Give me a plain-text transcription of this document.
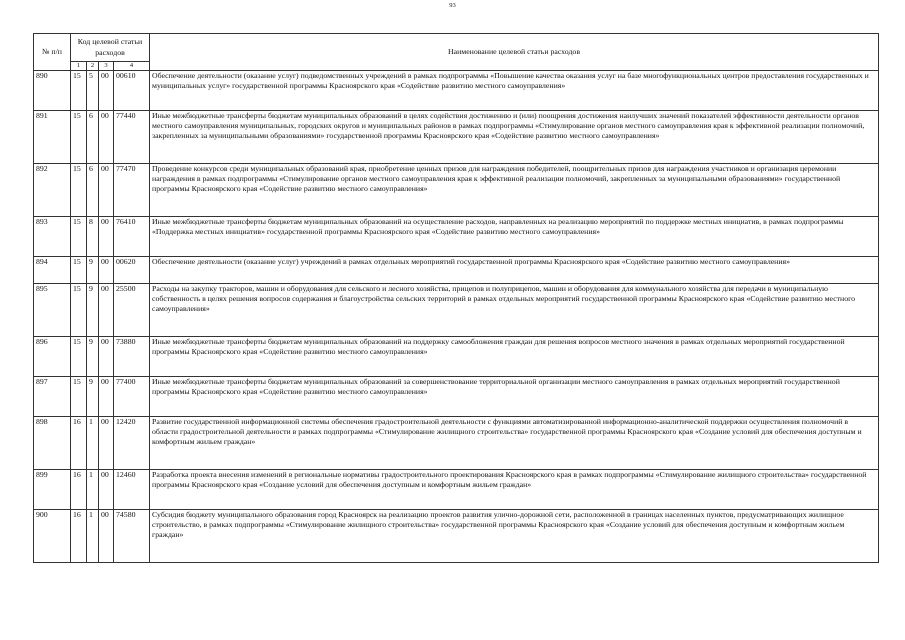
93
№ п/п	Код целевой статьи расходов				Наименование целевой статьи расходов
	1	2	3	4	
890	15	5	00	00610	Обеспечение деятельности (оказание услуг) подведомственных учреждений в рамках подпрограммы «Повышение качества оказания услуг на базе многофункциональных центров предоставления государственных и муниципальных услуг» государственной программы Красноярского края «Содействие развитию местного самоуправления»
891	15	6	00	77440	Иные межбюджетные трансферты бюджетам муниципальных образований в целях содействия достижению и (или) поощрения достижения наилучших значений показателей эффективности деятельности органов местного самоуправления муниципальных, городских округов и муниципальных районов в рамках подпрограммы «Стимулирование органов местного самоуправления края к эффективной реализации полномочий, закрепленных за муниципальными образованиями» государственной программы Красноярского края «Содействие развитию местного самоуправления»
892	15	6	00	77470	Проведение конкурсов среди муниципальных образований края, приобретение ценных призов для награждения победителей, поощрительных призов для награждения участников и организация церемонии награждения в рамках подпрограммы «Стимулирование органов местного самоуправления края к эффективной реализации полномочий, закрепленных за муниципальными образованиями» государственной программы Красноярского края «Содействие развитию местного самоуправления»
893	15	8	00	76410	Иные межбюджетные трансферты бюджетам муниципальных образований на осуществление расходов, направленных на реализацию мероприятий по поддержке местных инициатив, в рамках подпрограммы «Поддержка местных инициатив» государственной программы Красноярского края «Содействие развитию местного самоуправления»
894	15	9	00	00620	Обеспечение деятельности (оказание услуг) учреждений в рамках отдельных мероприятий государственной программы Красноярского края «Содействие развитию местного самоуправления»
895	15	9	00	25500	Расходы на закупку тракторов, машин и оборудования для сельского и лесного хозяйства, прицепов и полуприцепов, машин и оборудования для коммунального хозяйства для передачи в муниципальную собственность в целях решения вопросов содержания и благоустройства сельских территорий в рамках отдельных мероприятий государственной программы Красноярского края «Содействие развитию местного самоуправления»
896	15	9	00	73880	Иные межбюджетные трансферты бюджетам муниципальных образований на поддержку самообложения граждан для решения вопросов местного значения в рамках отдельных мероприятий государственной программы Красноярского края «Содействие развитию местного самоуправления»
897	15	9	00	77400	Иные межбюджетные трансферты бюджетам муниципальных образований за совершенствование территориальной организации местного самоуправления в рамках отдельных мероприятий государственной программы Красноярского края «Содействие развитию местного самоуправления»
898	16	1	00	12420	Развитие государственной информационной системы обеспечения градостроительной деятельности с функциями автоматизированной информационно-аналитической поддержки осуществления полномочий в области градостроительной деятельности в рамках подпрограммы «Стимулирование жилищного строительства» государственной программы Красноярского края «Создание условий для обеспечения доступным и комфортным жильем граждан»
899	16	1	00	12460	Разработка проекта внесения изменений в региональные нормативы градостроительного проектирования Красноярского края в рамках подпрограммы «Стимулирование жилищного строительства» государственной программы Красноярского края «Создание условий для обеспечения доступным и комфортным жильем граждан»
900	16	1	00	74580	Субсидия бюджету муниципального образования город Красноярск на реализацию проектов развития улично-дорожной сети, расположенной в границах населенных пунктов, предусматривающих жилищное строительство, в рамках подпрограммы «Стимулирование жилищного строительства» государственной программы Красноярского края «Создание условий для обеспечения доступным и комфортным жильем граждан»
